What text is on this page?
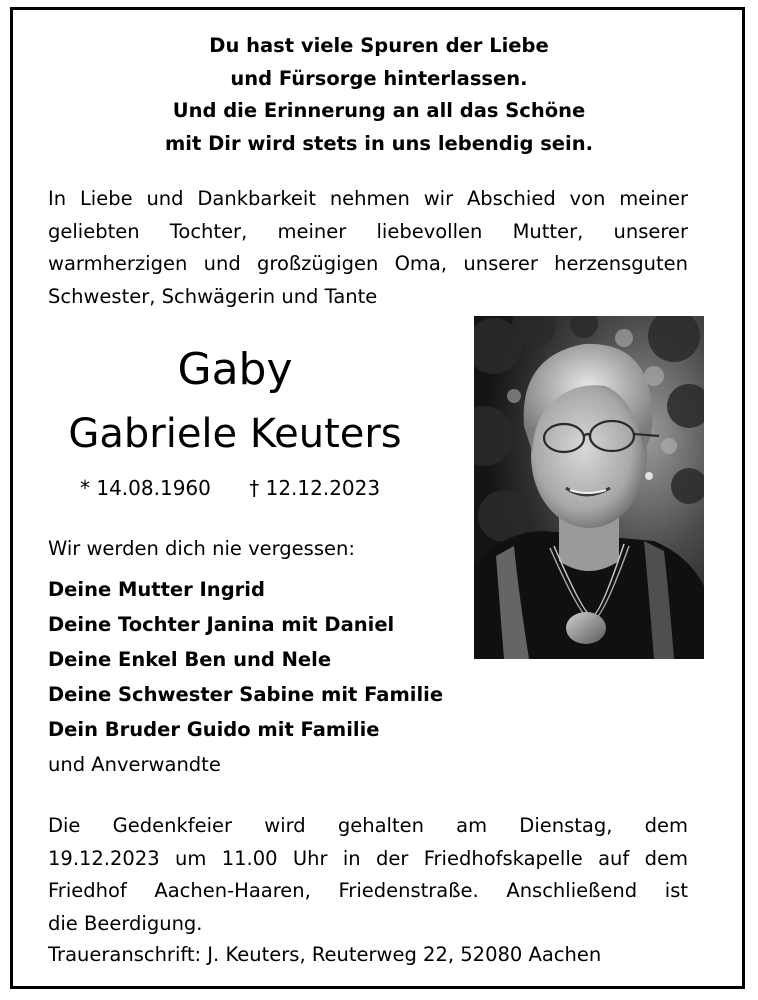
Du hast viele Spuren der Liebe
und Fürsorge hinterlassen.
Und die Erinnerung an all das Schöne
mit Dir wird stets in uns lebendig sein.
In Liebe und Dankbarkeit nehmen wir Abschied von meiner
geliebten Tochter, meiner liebevollen Mutter, unserer
warmherzigen und großzügigen Oma, unserer herzensguten
Schwester, Schwägerin und Tante
Gaby
Gabriele Keuters
* 14.08.1960 † 12.12.2023
Wir werden dich nie vergessen:
Deine Mutter Ingrid
Deine Tochter Janina mit Daniel
Deine Enkel Ben und Nele
Deine Schwester Sabine mit Familie
Dein Bruder Guido mit Familie
und Anverwandte
Die Gedenkfeier wird gehalten am Dienstag, dem
19.12.2023 um 11.00 Uhr in der Friedhofskapelle auf dem
Friedhof Aachen-Haaren, Friedenstraße. Anschließend ist
die Beerdigung.
Traueranschrift: J. Keuters, Reuterweg 22, 52080 Aachen
